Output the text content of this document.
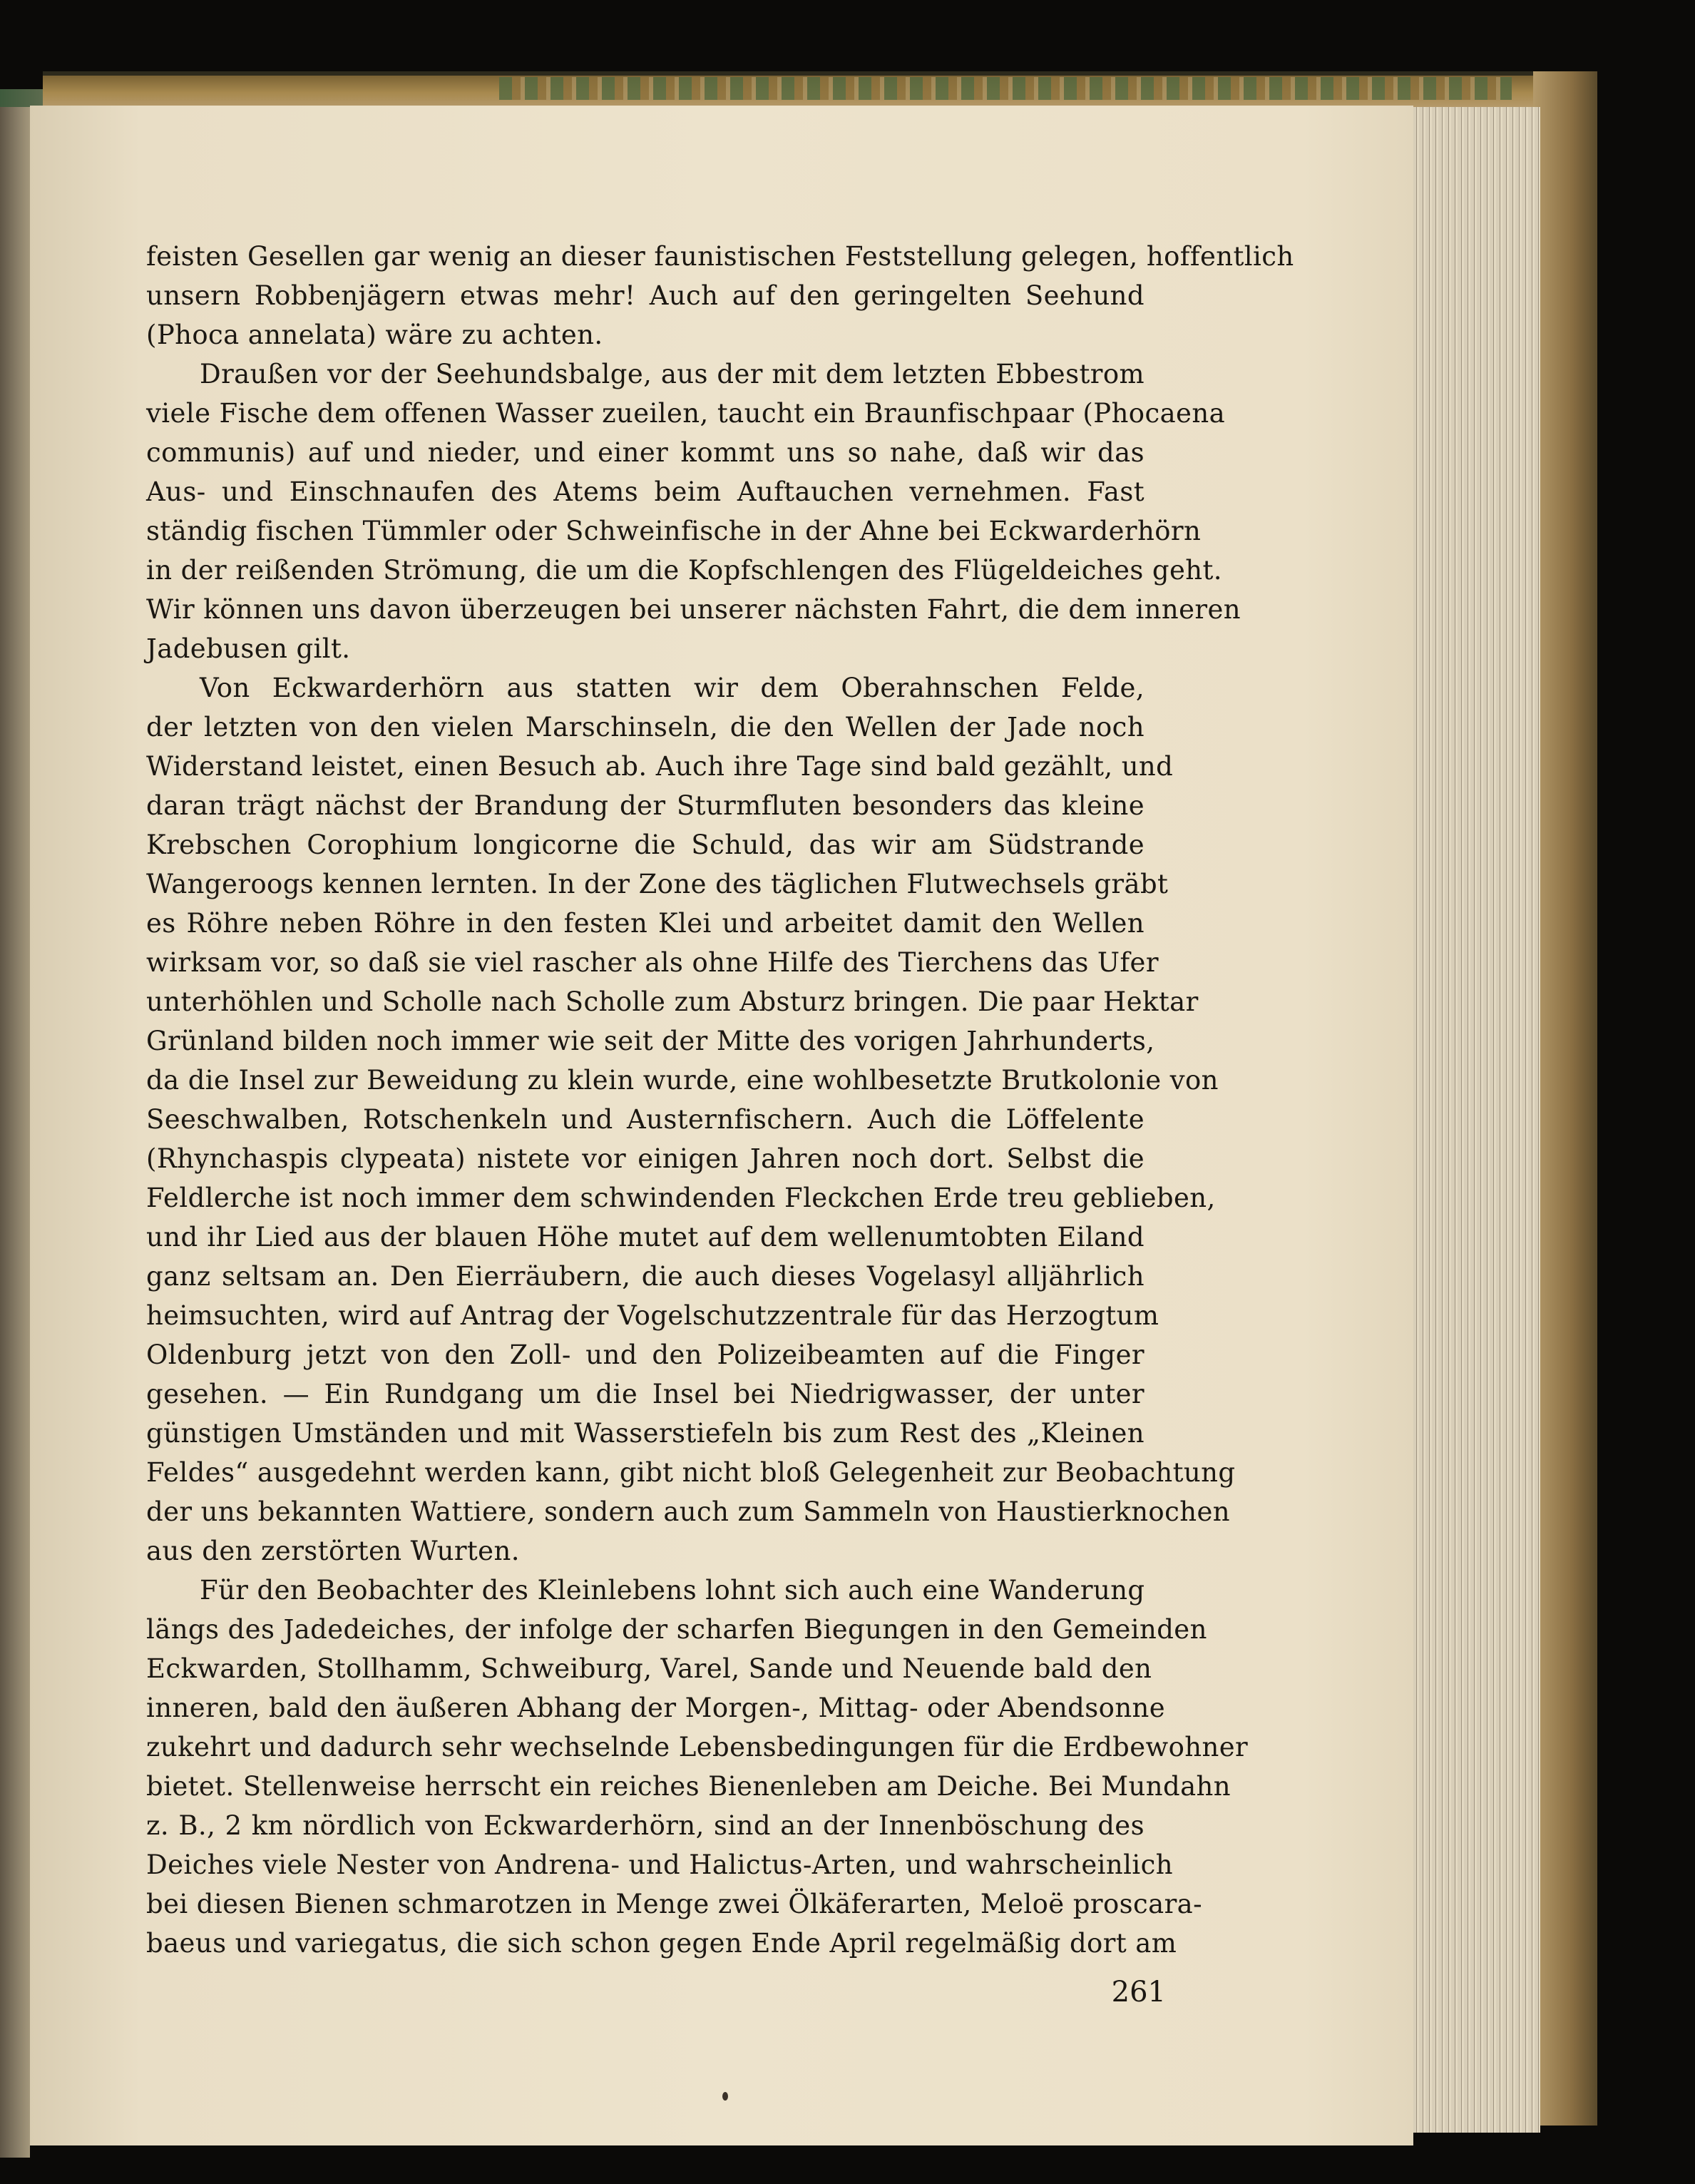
feisten Gesellen gar wenig an dieser faunistischen Feststellung gelegen, hoffentlich
unsern Robbenjägern etwas mehr! Auch auf den geringelten Seehund
(Phoca annelata) wäre zu achten.
Draußen vor der Seehundsbalge, aus der mit dem letzten Ebbestrom
viele Fische dem offenen Wasser zueilen, taucht ein Braunfischpaar (Phocaena
communis) auf und nieder, und einer kommt uns so nahe, daß wir das
Aus- und Einschnaufen des Atems beim Auftauchen vernehmen. Fast
ständig fischen Tümmler oder Schweinfische in der Ahne bei Eckwarderhörn
in der reißenden Strömung, die um die Kopfschlengen des Flügeldeiches geht.
Wir können uns davon überzeugen bei unserer nächsten Fahrt, die dem inneren
Jadebusen gilt.
Von Eckwarderhörn aus statten wir dem Oberahnschen Felde,
der letzten von den vielen Marschinseln, die den Wellen der Jade noch
Widerstand leistet, einen Besuch ab. Auch ihre Tage sind bald gezählt, und
daran trägt nächst der Brandung der Sturmfluten besonders das kleine
Krebschen Corophium longicorne die Schuld, das wir am Südstrande
Wangeroogs kennen lernten. In der Zone des täglichen Flutwechsels gräbt
es Röhre neben Röhre in den festen Klei und arbeitet damit den Wellen
wirksam vor, so daß sie viel rascher als ohne Hilfe des Tierchens das Ufer
unterhöhlen und Scholle nach Scholle zum Absturz bringen. Die paar Hektar
Grünland bilden noch immer wie seit der Mitte des vorigen Jahrhunderts,
da die Insel zur Beweidung zu klein wurde, eine wohlbesetzte Brutkolonie von
Seeschwalben, Rotschenkeln und Austernfischern. Auch die Löffelente
(Rhynchaspis clypeata) nistete vor einigen Jahren noch dort. Selbst die
Feldlerche ist noch immer dem schwindenden Fleckchen Erde treu geblieben,
und ihr Lied aus der blauen Höhe mutet auf dem wellenumtobten Eiland
ganz seltsam an. Den Eierräubern, die auch dieses Vogelasyl alljährlich
heimsuchten, wird auf Antrag der Vogelschutzzentrale für das Herzogtum
Oldenburg jetzt von den Zoll- und den Polizeibeamten auf die Finger
gesehen. — Ein Rundgang um die Insel bei Niedrigwasser, der unter
günstigen Umständen und mit Wasserstiefeln bis zum Rest des „Kleinen
Feldes“ ausgedehnt werden kann, gibt nicht bloß Gelegenheit zur Beobachtung
der uns bekannten Wattiere, sondern auch zum Sammeln von Haustierknochen
aus den zerstörten Wurten.
Für den Beobachter des Kleinlebens lohnt sich auch eine Wanderung
längs des Jadedeiches, der infolge der scharfen Biegungen in den Gemeinden
Eckwarden, Stollhamm, Schweiburg, Varel, Sande und Neuende bald den
inneren, bald den äußeren Abhang der Morgen-, Mittag- oder Abendsonne
zukehrt und dadurch sehr wechselnde Lebensbedingungen für die Erdbewohner
bietet. Stellenweise herrscht ein reiches Bienenleben am Deiche. Bei Mundahn
z. B., 2 km nördlich von Eckwarderhörn, sind an der Innenböschung des
Deiches viele Nester von Andrena- und Halictus-Arten, und wahrscheinlich
bei diesen Bienen schmarotzen in Menge zwei Ölkäferarten, Meloë proscara-
baeus und variegatus, die sich schon gegen Ende April regelmäßig dort am
261
